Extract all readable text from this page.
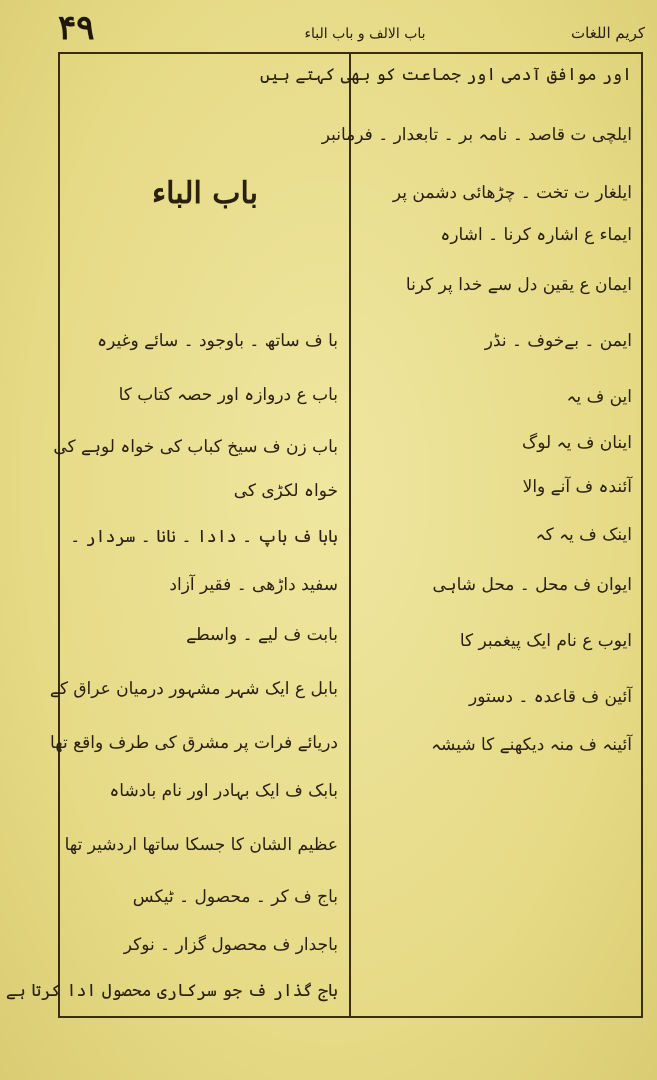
۴۹	باب الالف و باب الباء	کریم اللغات
اور موافق آدمی اور جماعت کو بھی کہتے ہیں
ایلچی ت قاصد ۔ نامہ بر ۔ تابعدار ۔ فرمانبر
ایلغار ت تخت ۔ چڑھائی دشمن پر
ایماء ع اشارہ کرنا ۔ اشارہ
ایمان ع یقین دل سے خدا پر کرنا
ایمن ۔ بےخوف ۔ نڈر
این ف یہ
اینان ف یہ لوگ
آئندہ ف آنے والا
اینک ف یہ کہ
ایوان ف محل ۔ محل شاہی
ایوب ع نام ایک پیغمبر کا
آئین ف قاعدہ ۔ دستور
آئینہ ف منہ دیکھنے کا شیشہ
باب الباء
با ف ساتھ ۔ باوجود ۔ سائے وغیرہ
باب ع دروازہ اور حصہ کتاب کا
باب زن ف سیخ کباب کی خواہ لوہے کی
خواہ لکڑی کی
بابا ف باپ ۔ دادا ۔ نانا ۔ سردار ۔
سفید داڑھی ۔ فقیر آزاد
بابت ف لیے ۔ واسطے
بابل ع ایک شہر مشہور درمیان عراق کے
دریائے فرات پر مشرق کی طرف واقع تھا
بابک ف ایک بہادر اور نام بادشاہ
عظیم الشان کا جسکا ساتھا اردشیر تھا
باج ف کر ۔ محصول ۔ ٹیکس
باجدار ف محصول گزار ۔ نوکر
باج گذار ف جو سرکاری محصول ادا کرتا ہے
